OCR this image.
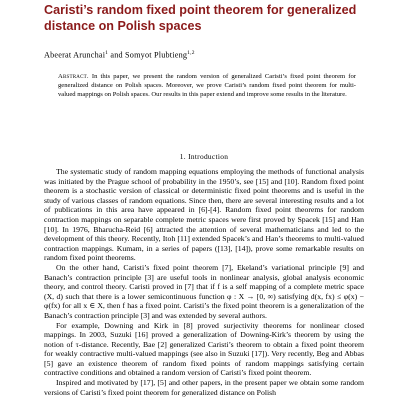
Caristi’s random fixed point theorem for generalized distance on Polish spaces
Abeerat Arunchai$^1$ and Somyot Plubtieng$^{1,2}$
Abstract. In this paper, we present the random version of generalized Caristi’s fixed point theorem for generalized distance on Polish spaces. Moreover, we prove Caristi’s random fixed point theorem for multi-valued mappings on Polish spaces. Our results in this paper extend and improve some results in the literature.
1. Introduction

The systematic study of random mapping equations employing the methods of functional analysis was initiated by the Prague school of probability in the 1950’s, see [15] and [10]. Random fixed point theorem is a stochastic version of classical or deterministic fixed point theorems and is useful in the study of various classes of random equations. Since then, there are several interesting results and a lot of publications in this area have appeared in [6]-[4]. Random fixed point theorems for random contraction mappings on separable complete metric spaces were first proved by Spacek [15] and Han [10]. In 1976, Bharucha-Reid [6] attracted the attention of several mathematicians and led to the development of this theory. Recently, Itoh [11] extended Spacek’s and Han’s theorems to multi-valued contraction mappings. Kumam, in a series of papers ([13], [14]), prove some remarkable results on random fixed point theorems.

On the other hand, Caristi’s fixed point theorem [7], Ekeland’s variational principle [9] and Banach’s contraction principle [3] are useful tools in nonlinear analysis, global analysis economic theory, and control theory. Caristi proved in [7] that if f is a self mapping of a complete metric space (X, d) such that there is a lower semicontinuous function φ : X → [0, ∞) satisfying d(x, fx) ≤ φ(x) − φ(fx) for all x ∈ X, then f has a fixed point. Caristi’s the fixed point theorem is a generalization of the Banach’s contraction principle [3] and was extended by several authors.

For example, Downing and Kirk in [8] proved surjectivity theorems for nonlinear closed mappings. In 2003, Suzuki [16] proved a generalization of Downing-Kirk’s theorem by using the notion of τ-distance. Recently, Bae [2] generalized Caristi’s theorem to obtain a fixed point theorem for weakly contractive multi-valued mappings (see also in Suzuki [17]). Very recently, Beg and Abbas [5] gave an existence theorem of random fixed points of random mappings satisfying certain contractive conditions and obtained a random version of Caristi’s fixed point theorem.

Inspired and motivated by [17], [5] and other papers, in the present paper we obtain some random versions of Caristi’s fixed point theorem for generalized distance on Polish
